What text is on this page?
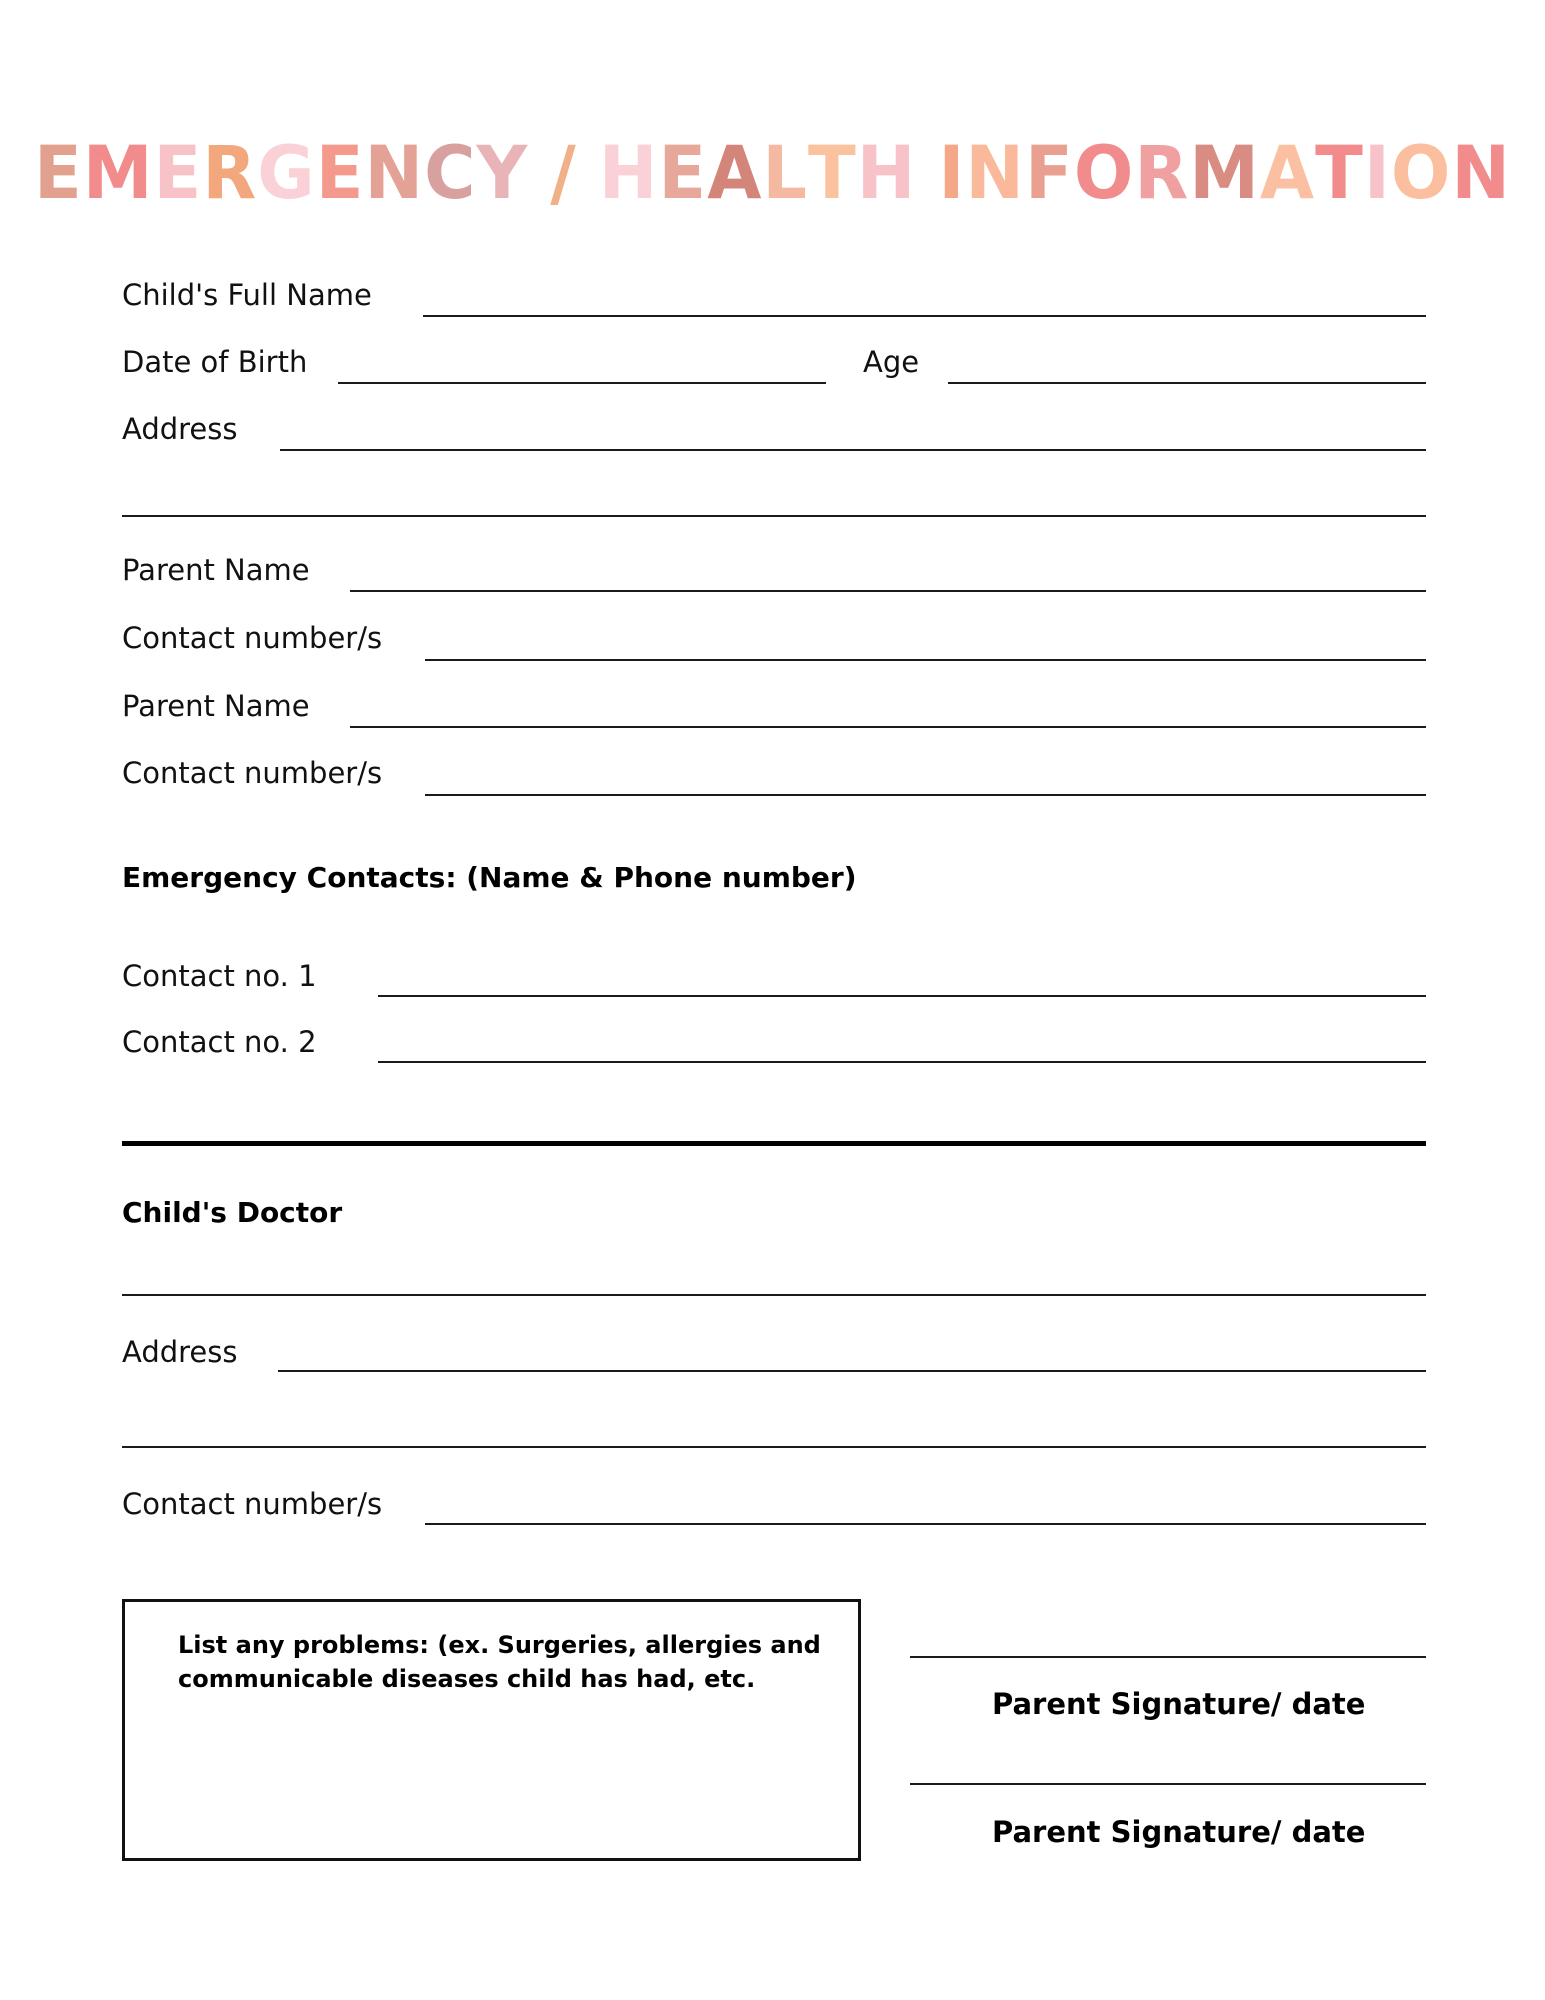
EMERGENCY / HEALTH INFORMATION
Child's Full Name
Date of Birth	Age
Address
Parent Name
Contact number/s
Parent Name
Contact number/s
Emergency Contacts: (Name & Phone number)
Contact no. 1
Contact no. 2
Child's Doctor
Address
Contact number/s
List any problems: (ex. Surgeries, allergies and
communicable diseases child has had, etc.
Parent Signature/ date
Parent Signature/ date
